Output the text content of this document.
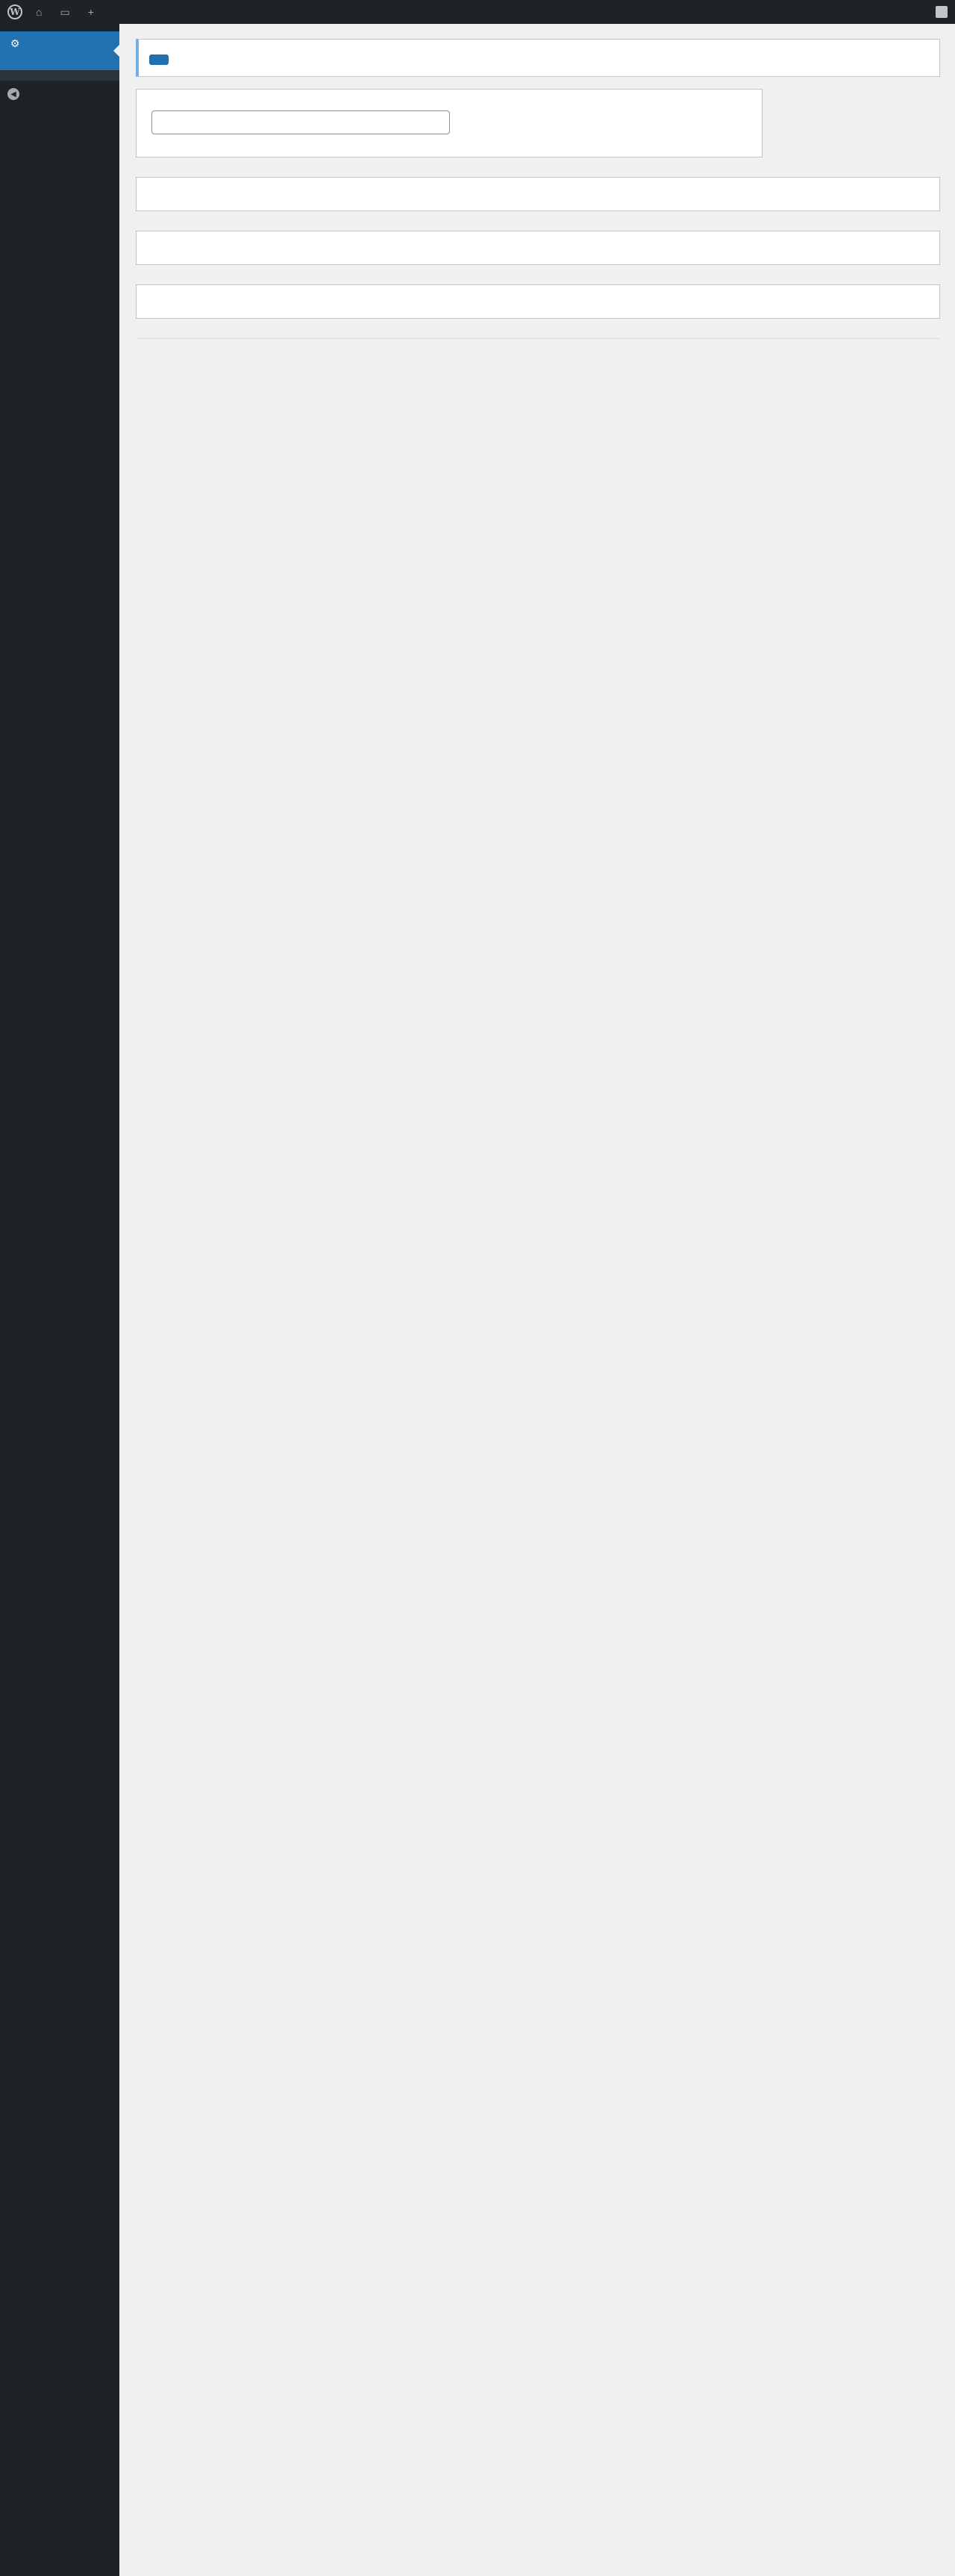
W ⌂ ▭ +
⚙
◀
